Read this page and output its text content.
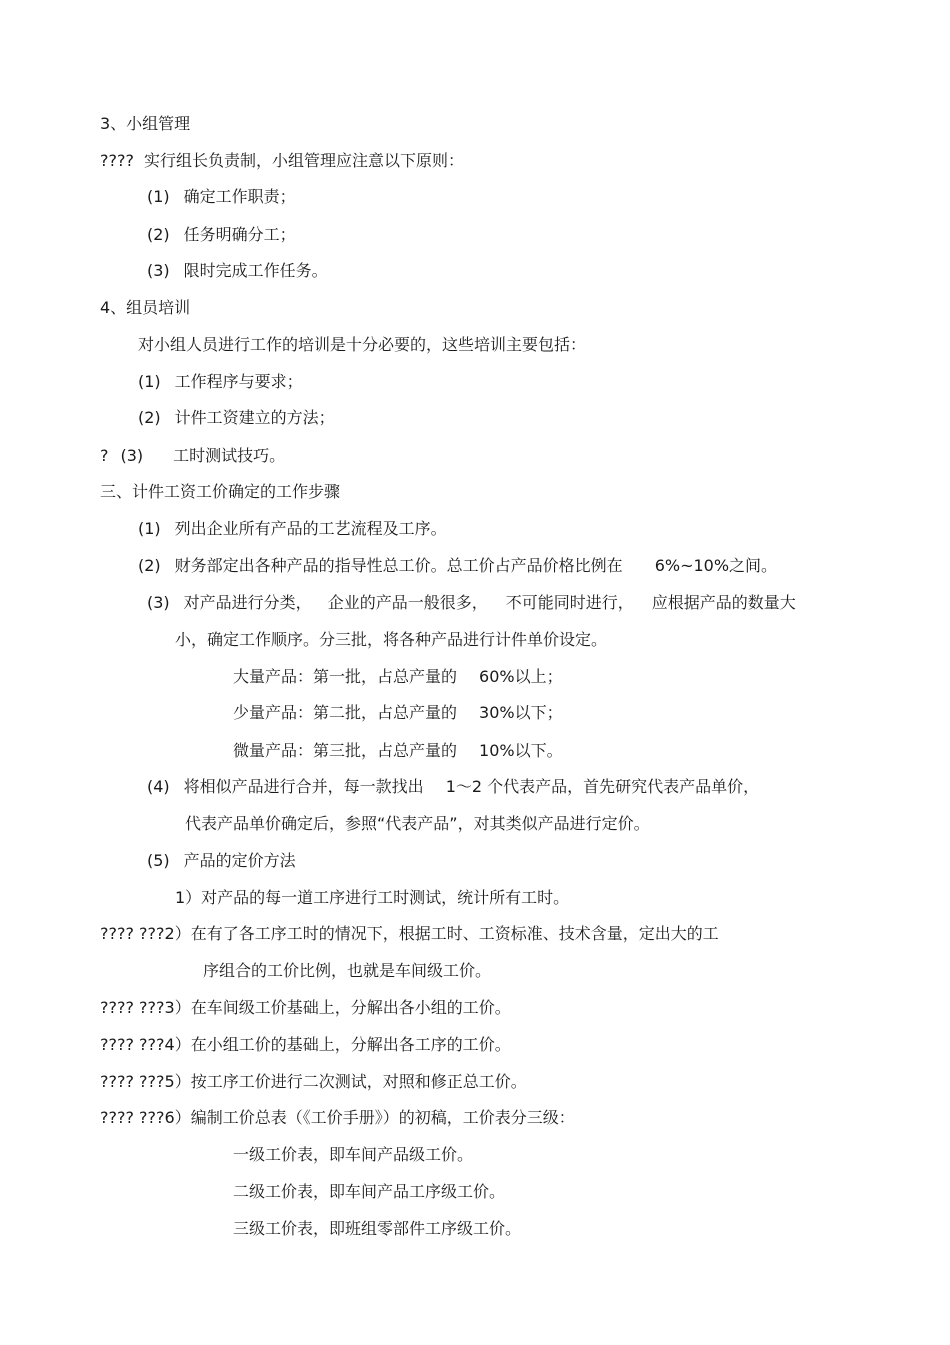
3、小组管理
???? 实行组长负责制，小组管理应注意以下原则：
(1) 确定工作职责；
(2) 任务明确分工；
(3) 限时完成工作任务。
4、组员培训
对小组人员进行工作的培训是十分必要的，这些培训主要包括：
(1) 工作程序与要求；
(2) 计件工资建立的方法；
? (3) 工时测试技巧。
三、计件工资工价确定的工作步骤
(1) 列出企业所有产品的工艺流程及工序。
(2) 财务部定出各种产品的指导性总工价。总工价占产品价格比例在 6%~10%之间。
(3) 对产品进行分类， 企业的产品一般很多， 不可能同时进行， 应根据产品的数量大
小，确定工作顺序。分三批，将各种产品进行计件单价设定。
大量产品：第一批，占总产量的 60%以上；
少量产品：第二批，占总产量的 30%以下；
微量产品：第三批，占总产量的 10%以下。
(4) 将相似产品进行合并，每一款找出 1～2 个代表产品，首先研究代表产品单价，
代表产品单价确定后，参照“代表产品”，对其类似产品进行定价。
(5) 产品的定价方法
1）对产品的每一道工序进行工时测试，统计所有工时。
???? ???2）在有了各工序工时的情况下，根据工时、工资标准、技术含量，定出大的工
序组合的工价比例，也就是车间级工价。
???? ???3）在车间级工价基础上，分解出各小组的工价。
???? ???4）在小组工价的基础上，分解出各工序的工价。
???? ???5）按工序工价进行二次测试，对照和修正总工价。
???? ???6）编制工价总表（《工价手册》）的初稿，工价表分三级：
一级工价表，即车间产品级工价。
二级工价表，即车间产品工序级工价。
三级工价表，即班组零部件工序级工价。
